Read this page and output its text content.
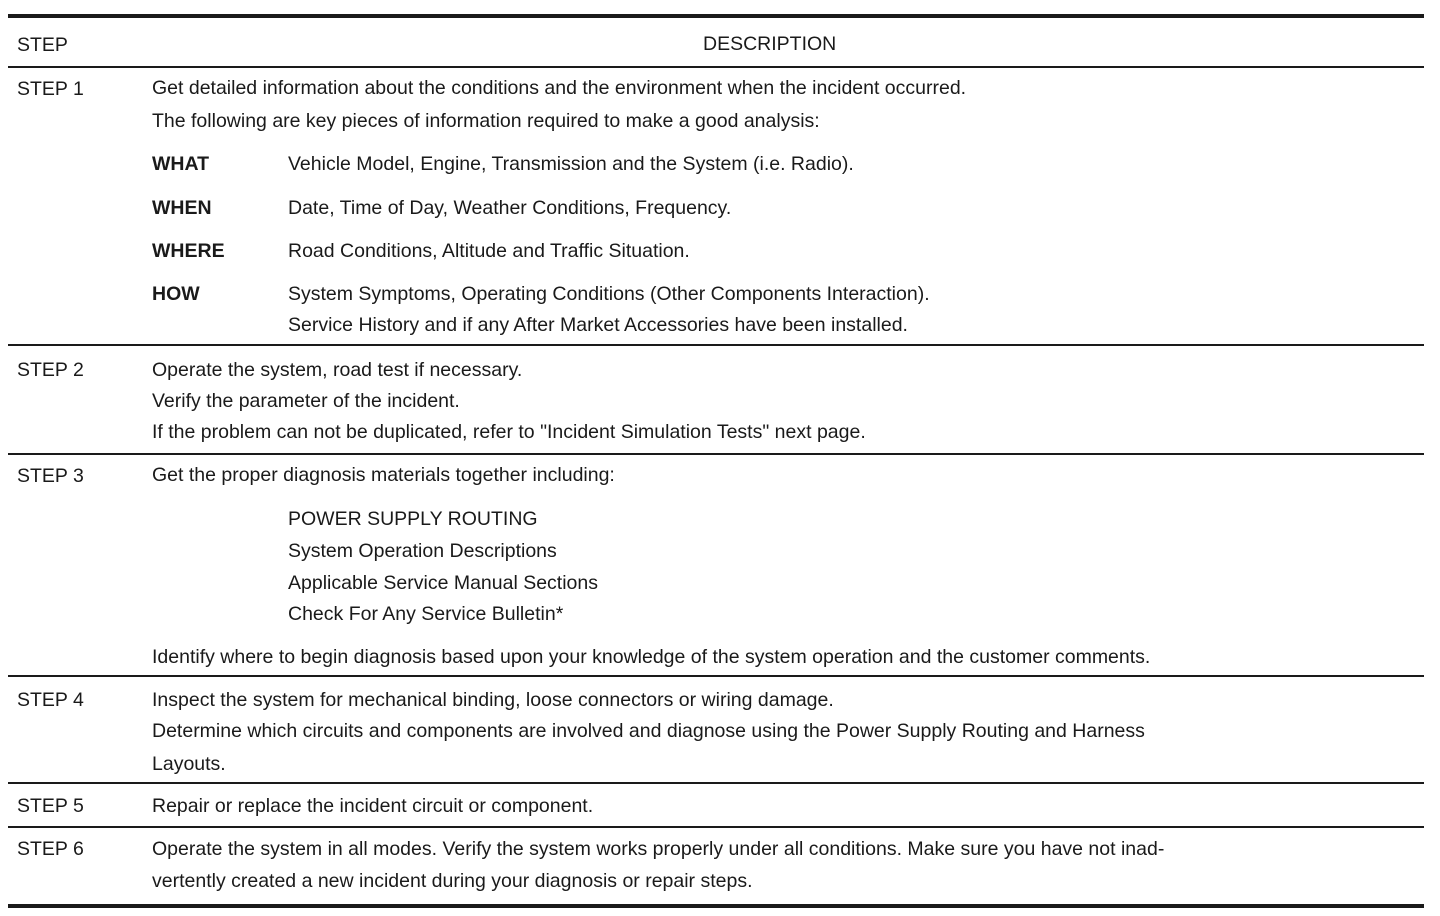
STEP	DESCRIPTION
STEP 1	Get detailed information about the conditions and the environment when the incident occurred.
The following are key pieces of information required to make a good analysis:
WHAT	Vehicle Model, Engine, Transmission and the System (i.e. Radio).
WHEN	Date, Time of Day, Weather Conditions, Frequency.
WHERE	Road Conditions, Altitude and Traffic Situation.
HOW	System Symptoms, Operating Conditions (Other Components Interaction).
Service History and if any After Market Accessories have been installed.
STEP 2	Operate the system, road test if necessary.
Verify the parameter of the incident.
If the problem can not be duplicated, refer to "Incident Simulation Tests" next page.
STEP 3	Get the proper diagnosis materials together including:
POWER SUPPLY ROUTING
System Operation Descriptions
Applicable Service Manual Sections
Check For Any Service Bulletin*
Identify where to begin diagnosis based upon your knowledge of the system operation and the customer comments.
STEP 4	Inspect the system for mechanical binding, loose connectors or wiring damage.
Determine which circuits and components are involved and diagnose using the Power Supply Routing and Harness
Layouts.
STEP 5	Repair or replace the incident circuit or component.
STEP 6	Operate the system in all modes. Verify the system works properly under all conditions. Make sure you have not inad-
vertently created a new incident during your diagnosis or repair steps.
